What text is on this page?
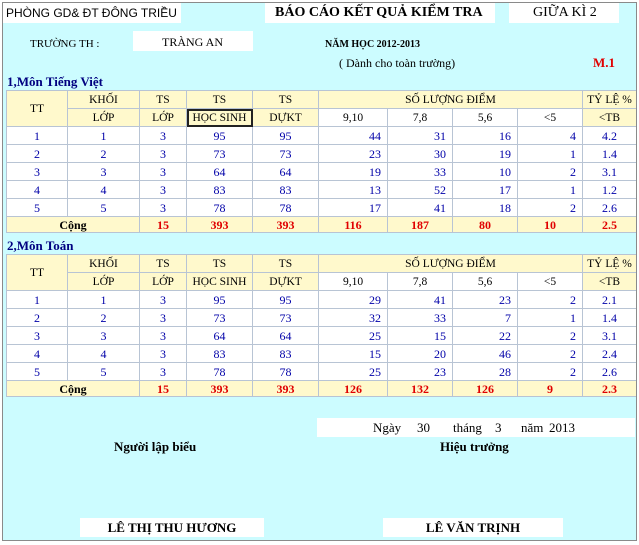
PHÒNG GD& ĐT ĐÔNG TRIỀU	BÁO CÁO KẾT QUẢ KIỂM TRA	GIỮA KÌ 2
TRƯỜNG TH :	TRÀNG AN	NĂM HỌC 2012-2013
( Dành cho toàn trường)	M.1
1,Môn Tiếng Việt
TT	KHỐI	TS	TS	TS	SỐ LƯỢNG ĐIỂM				TỶ LỆ %
	LỚP	LỚP	HỌC SINH	DỰKT	9,10	7,8	5,6	<5	<TB
1	1	3	95	95	44	31	16	4	4.2
2	2	3	73	73	23	30	19	1	1.4
3	3	3	64	64	19	33	10	2	3.1
4	4	3	83	83	13	52	17	1	1.2
5	5	3	78	78	17	41	18	2	2.6
Cộng		15	393	393	116	187	80	10	2.5
2,Môn Toán
TT	KHỐI	TS	TS	TS	SỐ LƯỢNG ĐIỂM				TỶ LỆ %
	LỚP	LỚP	HỌC SINH	DỰKT	9,10	7,8	5,6	<5	<TB
1	1	3	95	95	29	41	23	2	2.1
2	2	3	73	73	32	33	7	1	1.4
3	3	3	64	64	25	15	22	2	3.1
4	4	3	83	83	15	20	46	2	2.4
5	5	3	78	78	25	23	28	2	2.6
Cộng		15	393	393	126	132	126	9	2.3
Ngày 30 tháng 3 năm 2013
Người lập biểu	Hiệu trưởng
LÊ THỊ THU HƯƠNG	LÊ VĂN TRỊNH
